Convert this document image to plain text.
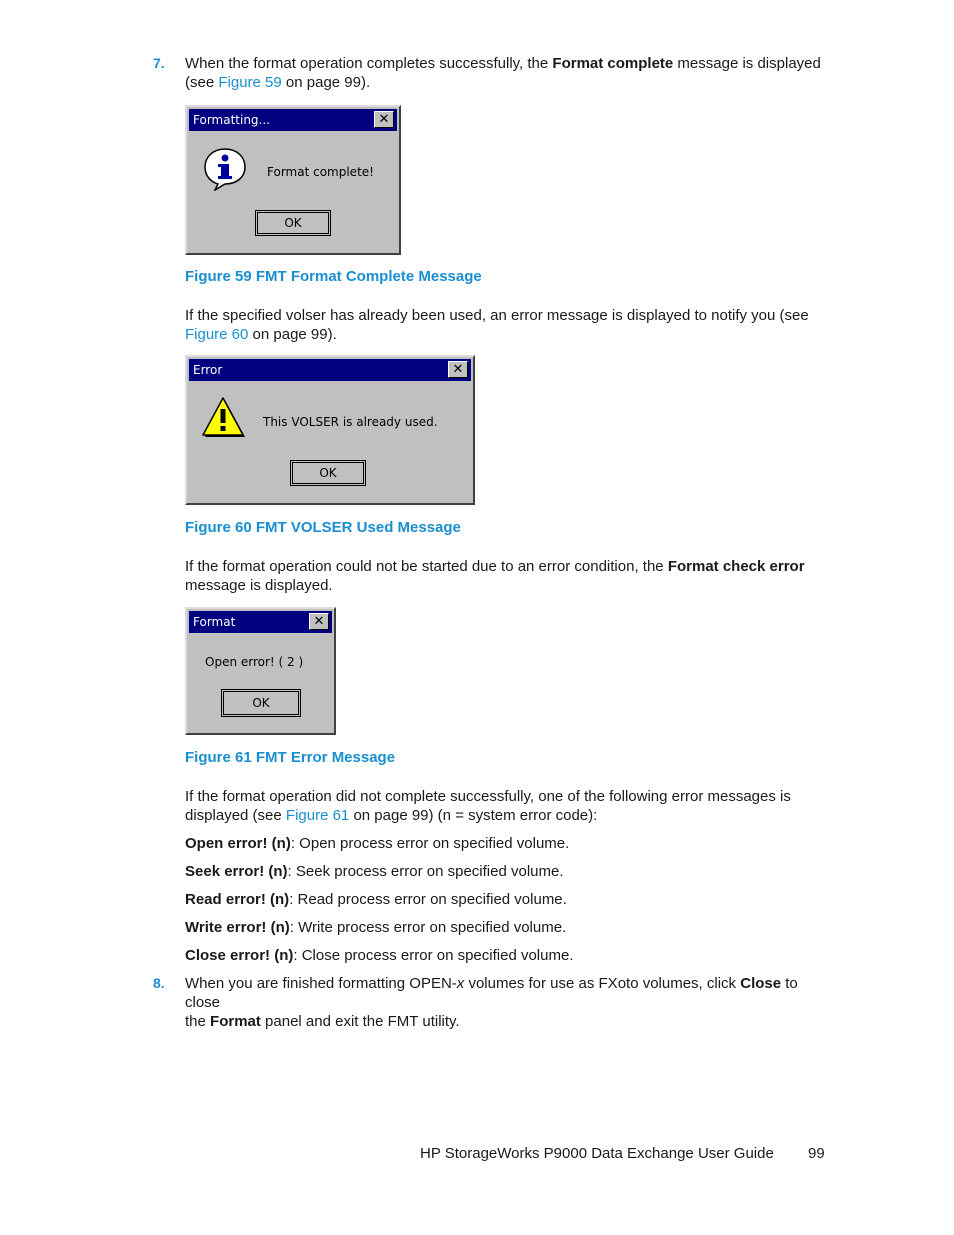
7. When the format operation completes successfully, the Format complete message is displayed
(see Figure 59 on page 99).
Formatting...	✕
Format complete!
OK
Figure 59 FMT Format Complete Message
If the specified volser has already been used, an error message is displayed to notify you (see
Figure 60 on page 99).
Error	✕
This VOLSER is already used.
OK
Figure 60 FMT VOLSER Used Message
If the format operation could not be started due to an error condition, the Format check error
message is displayed.
Format	✕
Open error! ( 2 )
OK
Figure 61 FMT Error Message
If the format operation did not complete successfully, one of the following error messages is
displayed (see Figure 61 on page 99) (n = system error code):
Open error! (n): Open process error on specified volume.
Seek error! (n): Seek process error on specified volume.
Read error! (n): Read process error on specified volume.
Write error! (n): Write process error on specified volume.
Close error! (n): Close process error on specified volume.
8. When you are finished formatting OPEN-x volumes for use as FXoto volumes, click Close to close
the Format panel and exit the FMT utility.
HP StorageWorks P9000 Data Exchange User Guide 99
